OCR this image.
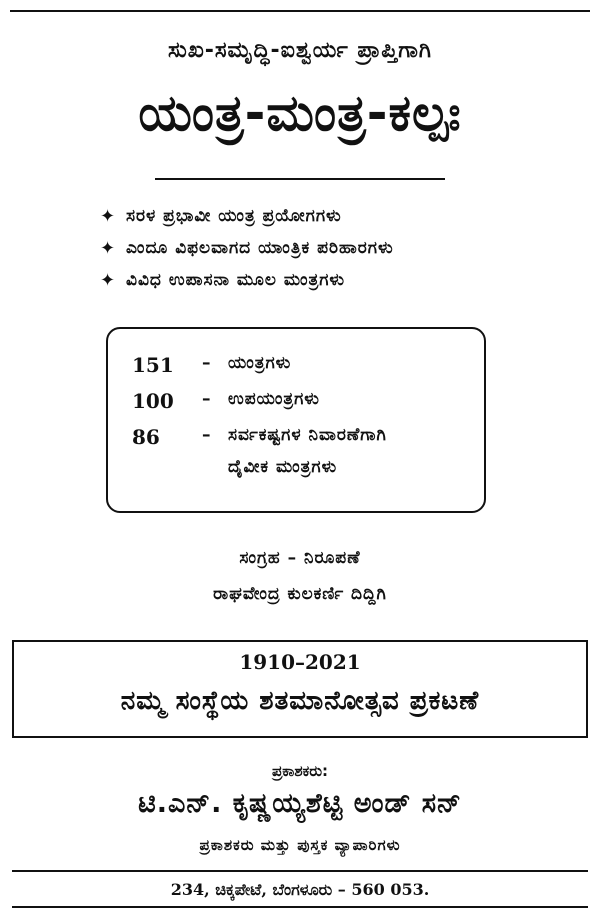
ಸುಖ-ಸಮೃದ್ಧಿ-ಐಶ್ವರ್ಯ ಪ್ರಾಪ್ತಿಗಾಗಿ
ಯಂತ್ರ-ಮಂತ್ರ-ಕಲ್ಪಃ
✦ ಸರಳ ಪ್ರಭಾವೀ ಯಂತ್ರ ಪ್ರಯೋಗಗಳು
✦ ಎಂದೂ ವಿಫಲವಾಗದ ಯಾಂತ್ರಿಕ ಪರಿಹಾರಗಳು
✦ ವಿವಿಧ ಉಪಾಸನಾ ಮೂಲ ಮಂತ್ರಗಳು
151	–	ಯಂತ್ರಗಳು
100	–	ಉಪಯಂತ್ರಗಳು
86	–	ಸರ್ವಕಷ್ಟಗಳ ನಿವಾರಣೆಗಾಗಿ
ದೈವೀಕ ಮಂತ್ರಗಳು
ಸಂಗ್ರಹ – ನಿರೂಪಣೆ
ರಾಘವೇಂದ್ರ ಕುಲಕರ್ಣಿ ದಿದ್ದಿಗಿ
1910–2021
ನಮ್ಮ ಸಂಸ್ಥೆಯ ಶತಮಾನೋತ್ಸವ ಪ್ರಕಟಣೆ
ಪ್ರಕಾಶಕರು:
ಟಿ.ಎನ್. ಕೃಷ್ಣಯ್ಯಶೆಟ್ಟಿ ಅಂಡ್ ಸನ್
ಪ್ರಕಾಶಕರು ಮತ್ತು ಪುಸ್ತಕ ವ್ಯಾಪಾರಿಗಳು
234, ಚಿಕ್ಕಪೇಟೆ, ಬೆಂಗಳೂರು – 560 053.
